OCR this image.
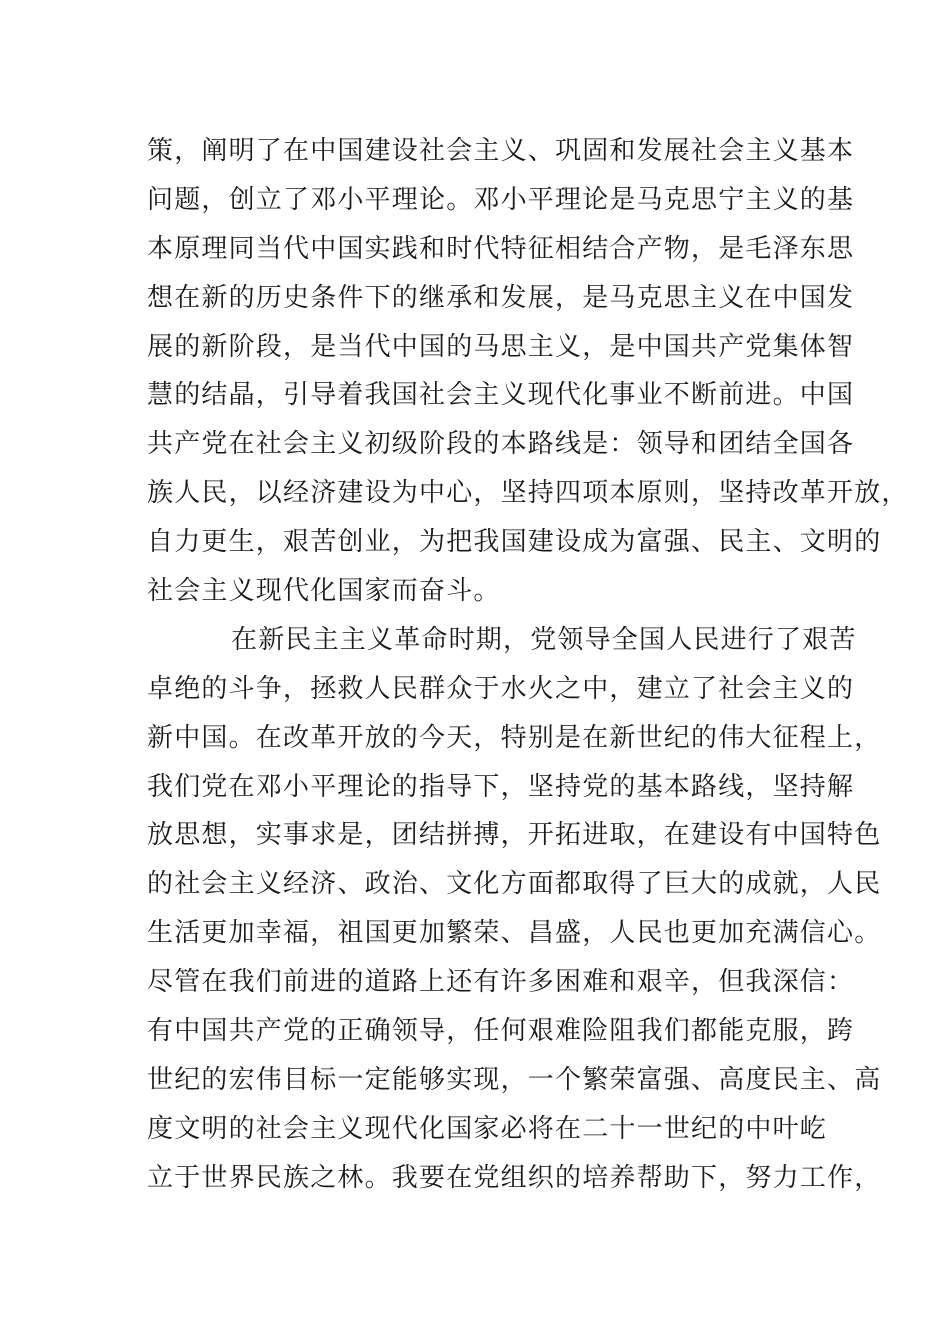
策，阐明了在中国建设社会主义、巩固和发展社会主义基本
问题，创立了邓小平理论。邓小平理论是马克思宁主义的基
本原理同当代中国实践和时代特征相结合产物，是毛泽东思
想在新的历史条件下的继承和发展，是马克思主义在中国发
展的新阶段，是当代中国的马思主义，是中国共产党集体智
慧的结晶，引导着我国社会主义现代化事业不断前进。中国
共产党在社会主义初级阶段的本路线是：领导和团结全国各
族人民，以经济建设为中心，坚持四项本原则，坚持改革开放，
自力更生，艰苦创业，为把我国建设成为富强、民主、文明的
社会主义现代化国家而奋斗。
在新民主主义革命时期，党领导全国人民进行了艰苦
卓绝的斗争，拯救人民群众于水火之中，建立了社会主义的
新中国。在改革开放的今天，特别是在新世纪的伟大征程上，
我们党在邓小平理论的指导下，坚持党的基本路线，坚持解
放思想，实事求是，团结拼搏，开拓进取，在建设有中国特色
的社会主义经济、政治、文化方面都取得了巨大的成就，人民
生活更加幸福，祖国更加繁荣、昌盛，人民也更加充满信心。
尽管在我们前进的道路上还有许多困难和艰辛，但我深信：
有中国共产党的正确领导，任何艰难险阻我们都能克服，跨
世纪的宏伟目标一定能够实现，一个繁荣富强、高度民主、高
度文明的社会主义现代化国家必将在二十一世纪的中叶屹
立于世界民族之林。我要在党组织的培养帮助下，努力工作，
